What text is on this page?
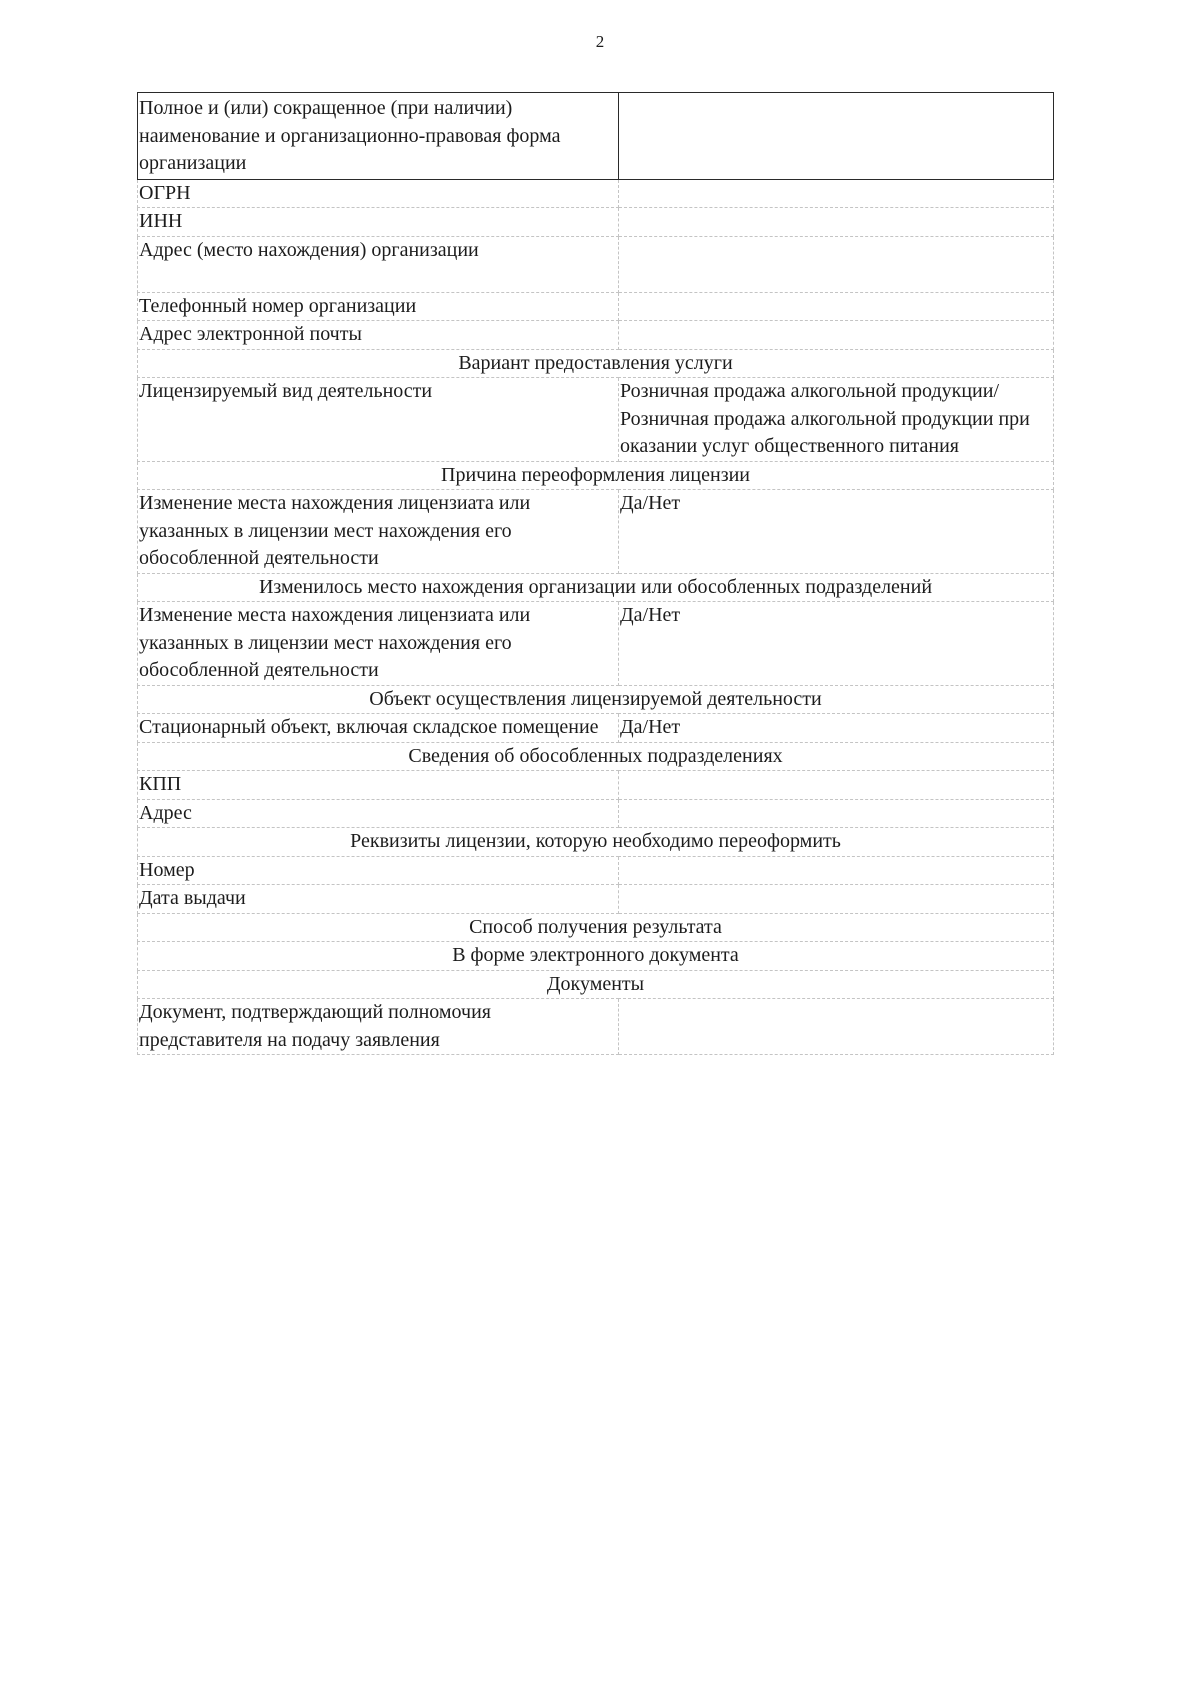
2
Полное и (или) сокращенное (при наличии) наименование и организационно-правовая форма организации	
ОГРН	
ИНН	
Адрес (место нахождения) организации	
Телефонный номер организации	
Адрес электронной почты	
Вариант предоставления услуги	
Лицензируемый вид деятельности	Розничная продажа алкогольной продукции/Розничная продажа алкогольной продукции при оказании услуг общественного питания
Причина переоформления лицензии	
Изменение места нахождения лицензиата или указанных в лицензии мест нахождения его обособленной деятельности	Да/Нет
Изменилось место нахождения организации или обособленных подразделений	
Изменение места нахождения лицензиата или указанных в лицензии мест нахождения его обособленной деятельности	Да/Нет
Объект осуществления лицензируемой деятельности	
Стационарный объект, включая складское помещение	Да/Нет
Сведения об обособленных подразделениях	
КПП	
Адрес	
Реквизиты лицензии, которую необходимо переоформить	
Номер	
Дата выдачи	
Способ получения результата	
В форме электронного документа	
Документы	
Документ, подтверждающий полномочия представителя на подачу заявления	
